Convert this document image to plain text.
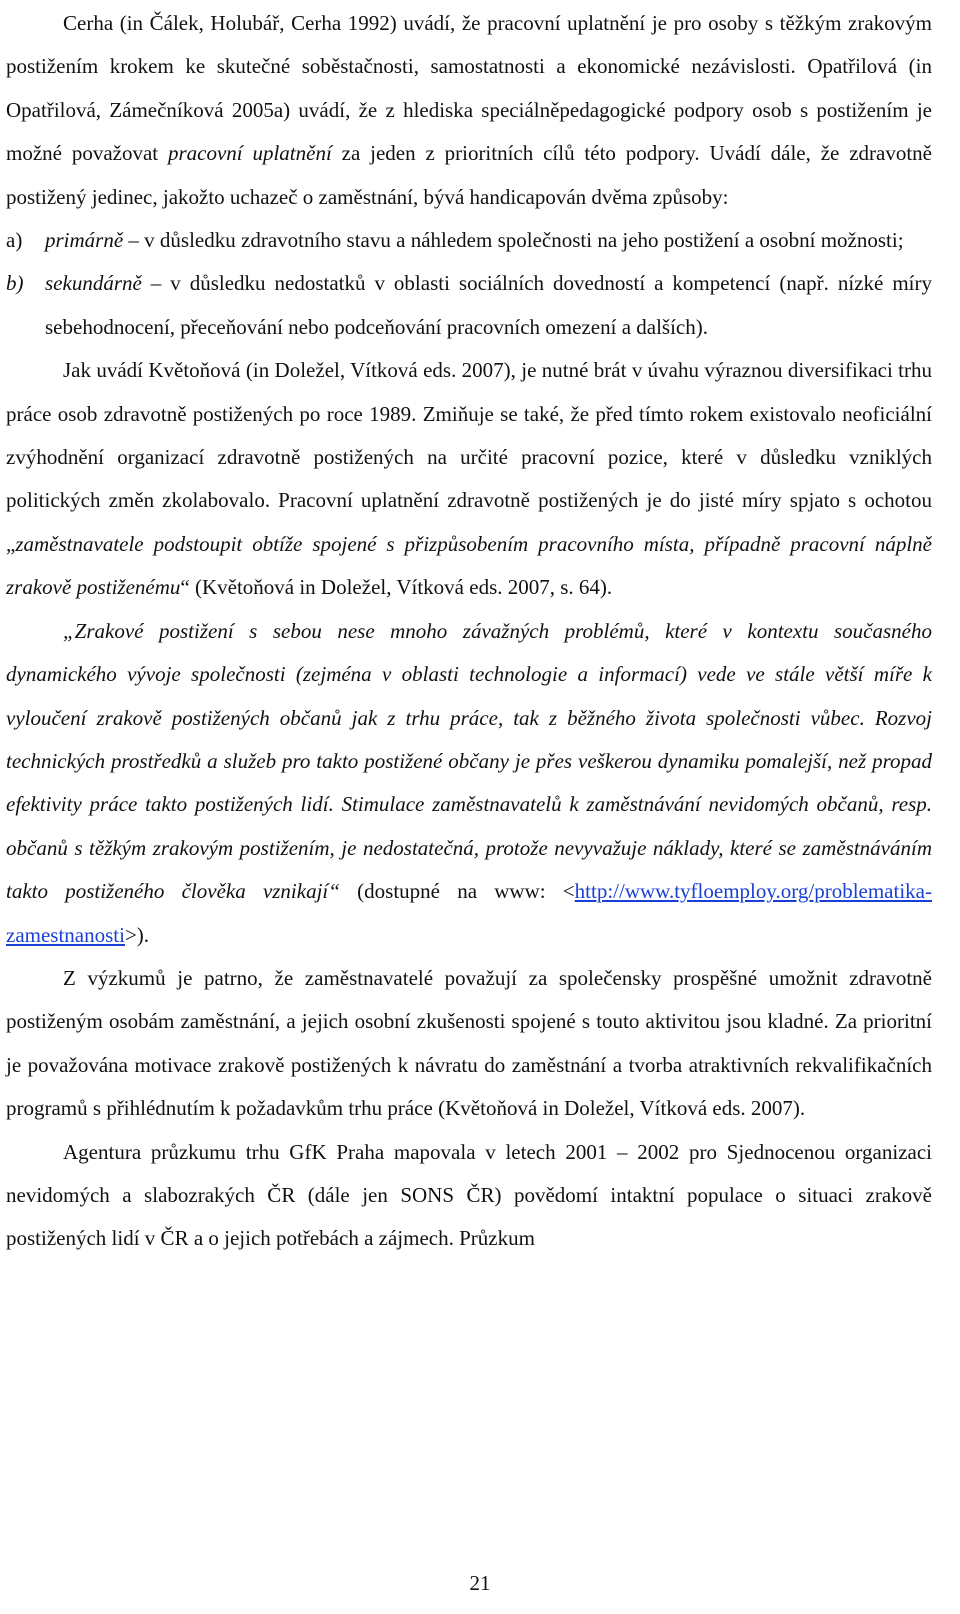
Cerha (in Čálek, Holubář, Cerha 1992) uvádí, že pracovní uplatnění je pro osoby s těžkým zrakovým postižením krokem ke skutečné soběstačnosti, samostatnosti a ekonomické nezávislosti. Opatřilová (in Opatřilová, Zámečníková 2005a) uvádí, že z hlediska speciálněpedagogické podpory osob s postižením je možné považovat pracovní uplatnění za jeden z prioritních cílů této podpory. Uvádí dále, že zdravotně postižený jedinec, jakožto uchazeč o zaměstnání, bývá handicapován dvěma způsoby:

a) primárně – v důsledku zdravotního stavu a náhledem společnosti na jeho postižení a osobní možnosti;

b) sekundárně – v důsledku nedostatků v oblasti sociálních dovedností a kompetencí (např. nízké míry sebehodnocení, přeceňování nebo podceňování pracovních omezení a dalších).

Jak uvádí Květoňová (in Doležel, Vítková eds. 2007), je nutné brát v úvahu výraznou diversifikaci trhu práce osob zdravotně postižených po roce 1989. Zmiňuje se také, že před tímto rokem existovalo neoficiální zvýhodnění organizací zdravotně postižených na určité pracovní pozice, které v důsledku vzniklých politických změn zkolabovalo. Pracovní uplatnění zdravotně postižených je do jisté míry spjato s ochotou „zaměstnavatele podstoupit obtíže spojené s přizpůsobením pracovního místa, případně pracovní náplně zrakově postiženému“ (Květoňová in Doležel, Vítková eds. 2007, s. 64).

„Zrakové postižení s sebou nese mnoho závažných problémů, které v kontextu současného dynamického vývoje společnosti (zejména v oblasti technologie a informací) vede ve stále větší míře k vyloučení zrakově postižených občanů jak z trhu práce, tak z běžného života společnosti vůbec. Rozvoj technických prostředků a služeb pro takto postižené občany je přes veškerou dynamiku pomalejší, než propad efektivity práce takto postižených lidí. Stimulace zaměstnavatelů k zaměstnávání nevidomých občanů, resp. občanů s těžkým zrakovým postižením, je nedostatečná, protože nevyvažuje náklady, které se zaměstnáváním takto postiženého člověka vznikají“ (dostupné na www: <http://www.tyfloemploy.org/problematika-zamestnanosti>).

Z výzkumů je patrno, že zaměstnavatelé považují za společensky prospěšné umožnit zdravotně postiženým osobám zaměstnání, a jejich osobní zkušenosti spojené s touto aktivitou jsou kladné. Za prioritní je považována motivace zrakově postižených k návratu do zaměstnání a tvorba atraktivních rekvalifikačních programů s přihlédnutím k požadavkům trhu práce (Květoňová in Doležel, Vítková eds. 2007).

Agentura průzkumu trhu GfK Praha mapovala v letech 2001 – 2002 pro Sjednocenou organizaci nevidomých a slabozrakých ČR (dále jen SONS ČR) povědomí intaktní populace o situaci zrakově postižených lidí v ČR a o jejich potřebách a zájmech. Průzkum

21
